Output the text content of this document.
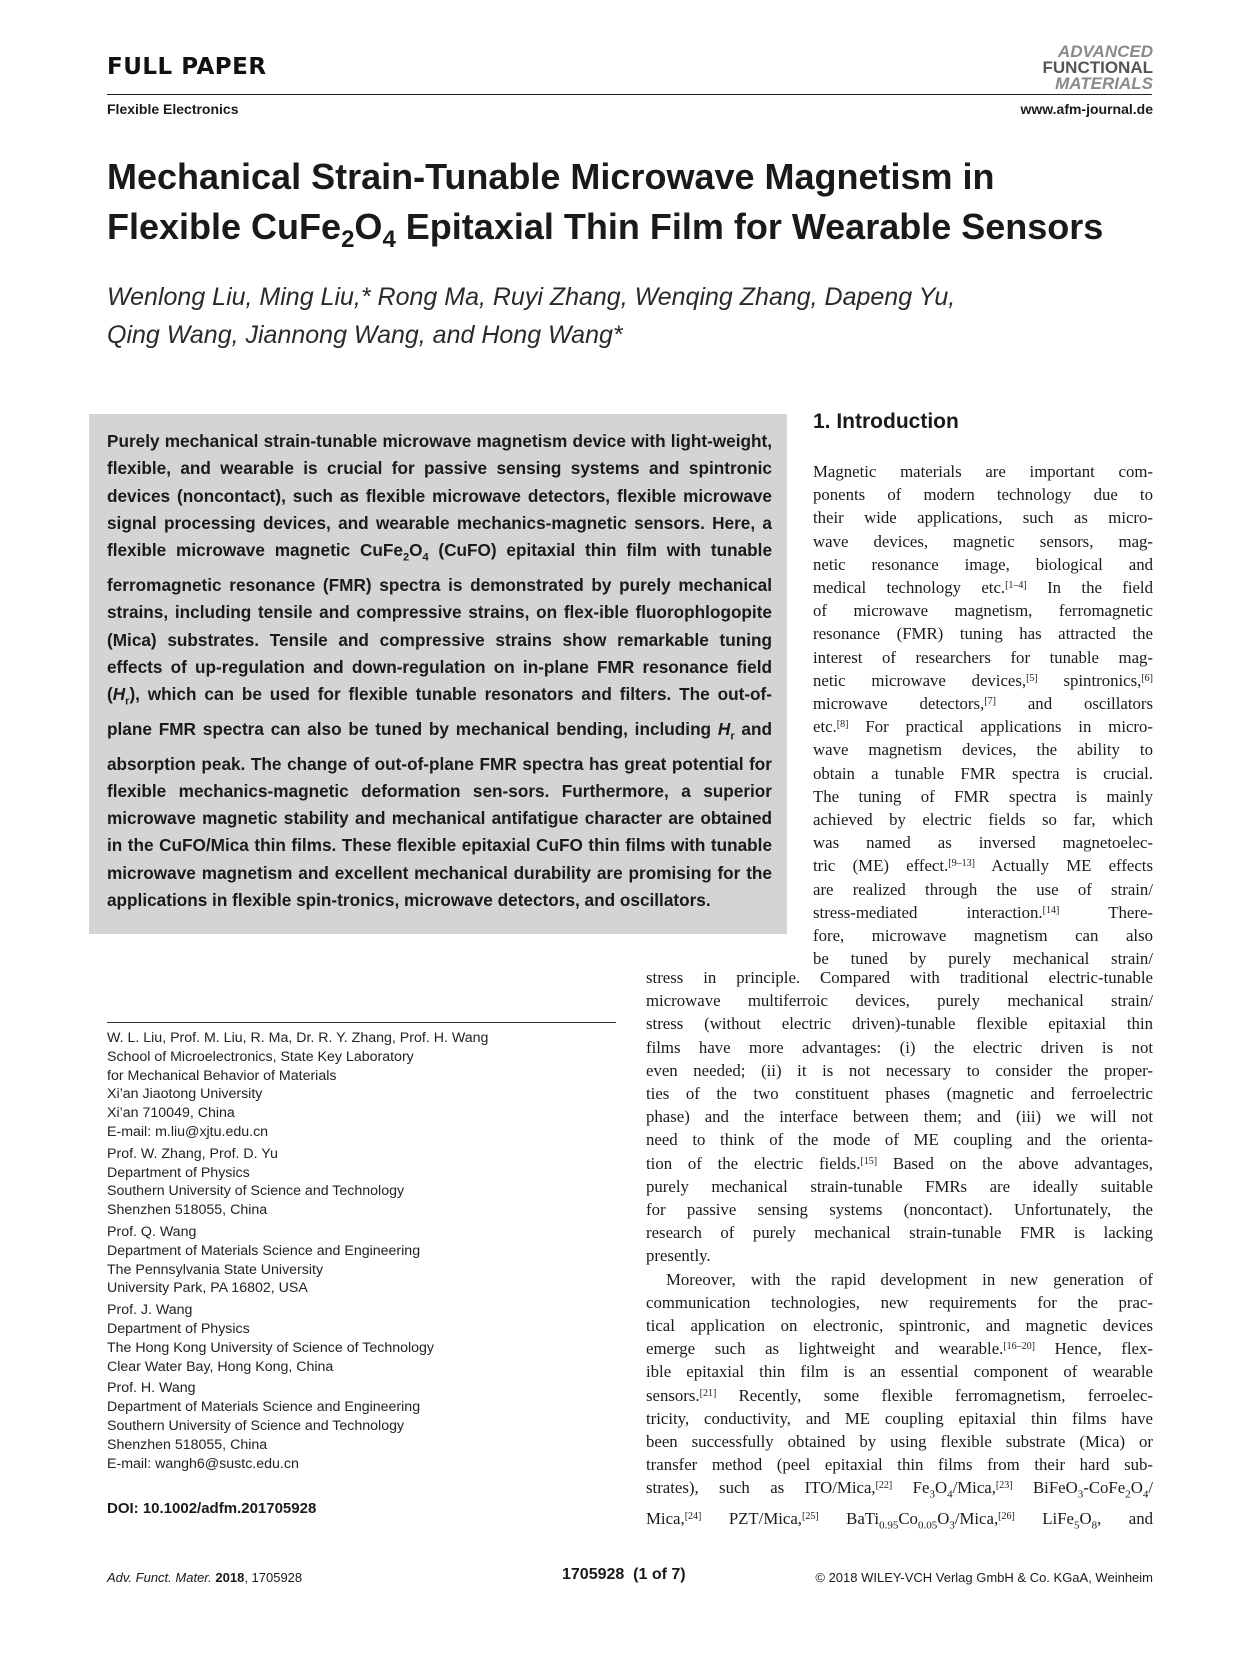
FULL PAPER
ADVANCED
FUNCTIONAL
MATERIALS
Flexible Electronics	www.afm-journal.de
Mechanical Strain-Tunable Microwave Magnetism in
Flexible $CuFe_2O_4$ Epitaxial Thin Film for Wearable Sensors
Wenlong Liu, Ming Liu,* Rong Ma, Ruyi Zhang, Wenqing Zhang, Dapeng Yu,
Qing Wang, Jiannong Wang, and Hong Wang*
Purely mechanical strain-tunable microwave magnetism device with light-weight, flexible, and wearable is crucial for passive sensing systems and spintronic devices (noncontact), such as flexible microwave detectors, flexible microwave signal processing devices, and wearable mechanics-magnetic sensors. Here, a flexible microwave magnetic $CuFe_2O_4$ (CuFO) epitaxial thin film with tunable ferromagnetic resonance (FMR) spectra is demonstrated by purely mechanical strains, including tensile and compressive strains, on flex-ible fluorophlogopite (Mica) substrates. Tensile and compressive strains show remarkable tuning effects of up-regulation and down-regulation on in-plane FMR resonance field $(H_r)$, which can be used for flexible tunable resonators and filters. The out-of-plane FMR spectra can also be tuned by mechanical bending, including $H_r$ and absorption peak. The change of out-of-plane FMR spectra has great potential for flexible mechanics-magnetic deformation sen-sors. Furthermore, a superior microwave magnetic stability and mechanical antifatigue character are obtained in the CuFO/Mica thin films. These flexible epitaxial CuFO thin films with tunable microwave magnetism and excellent mechanical durability are promising for the applications in flexible spin-tronics, microwave detectors, and oscillators.
1. Introduction
Magnetic materials are important com-
ponents of modern technology due to
their wide applications, such as micro-
wave devices, magnetic sensors, mag-
netic resonance image, biological and
medical technology etc.[1–4] In the field
of microwave magnetism, ferromagnetic
resonance (FMR) tuning has attracted the
interest of researchers for tunable mag-
netic microwave devices,[5] spintronics,[6]
microwave detectors,[7] and oscillators
etc.[8] For practical applications in micro-
wave magnetism devices, the ability to
obtain a tunable FMR spectra is crucial.
The tuning of FMR spectra is mainly
achieved by electric fields so far, which
was named as inversed magnetoelec-
tric (ME) effect.[9–13] Actually ME effects
are realized through the use of strain/
stress-mediated interaction.[14] There-
fore, microwave magnetism can also
be tuned by purely mechanical strain/
stress in principle. Compared with traditional electric-tunable
microwave multiferroic devices, purely mechanical strain/
stress (without electric driven)-tunable flexible epitaxial thin
films have more advantages: (i) the electric driven is not
even needed; (ii) it is not necessary to consider the proper-
ties of the two constituent phases (magnetic and ferroelectric
phase) and the interface between them; and (iii) we will not
need to think of the mode of ME coupling and the orienta-
tion of the electric fields.[15] Based on the above advantages,
purely mechanical strain-tunable FMRs are ideally suitable
for passive sensing systems (noncontact). Unfortunately, the
research of purely mechanical strain-tunable FMR is lacking
presently.
Moreover, with the rapid development in new generation of
communication technologies, new requirements for the prac-
tical application on electronic, spintronic, and magnetic devices
emerge such as lightweight and wearable.[16–20] Hence, flex-
ible epitaxial thin film is an essential component of wearable
sensors.[21] Recently, some flexible ferromagnetism, ferroelec-
tricity, conductivity, and ME coupling epitaxial thin films have
been successfully obtained by using flexible substrate (Mica) or
transfer method (peel epitaxial thin films from their hard sub-
strates), such as ITO/Mica,[22] $Fe_3O_4/Mica,[23]$ $BiFeO_3-CoFe_2O_4/$
Mica,[24] PZT/Mica,[25] $BaTi_{0.95}Co_{0.05}O_3/Mica,[26]$ $LiFe_5O_8$, and
W. L. Liu, Prof. M. Liu, R. Ma, Dr. R. Y. Zhang, Prof. H. Wang
School of Microelectronics, State Key Laboratory
for Mechanical Behavior of Materials
Xi’an Jiaotong University
Xi’an 710049, China
E-mail: m.liu@xjtu.edu.cn
Prof. W. Zhang, Prof. D. Yu
Department of Physics
Southern University of Science and Technology
Shenzhen 518055, China
Prof. Q. Wang
Department of Materials Science and Engineering
The Pennsylvania State University
University Park, PA 16802, USA
Prof. J. Wang
Department of Physics
The Hong Kong University of Science of Technology
Clear Water Bay, Hong Kong, China
Prof. H. Wang
Department of Materials Science and Engineering
Southern University of Science and Technology
Shenzhen 518055, China
E-mail: wangh6@sustc.edu.cn
DOI: 10.1002/adfm.201705928
Adv. Funct. Mater. 2018, 1705928	1705928  (1 of 7)	© 2018 WILEY-VCH Verlag GmbH & Co. KGaA, Weinheim
